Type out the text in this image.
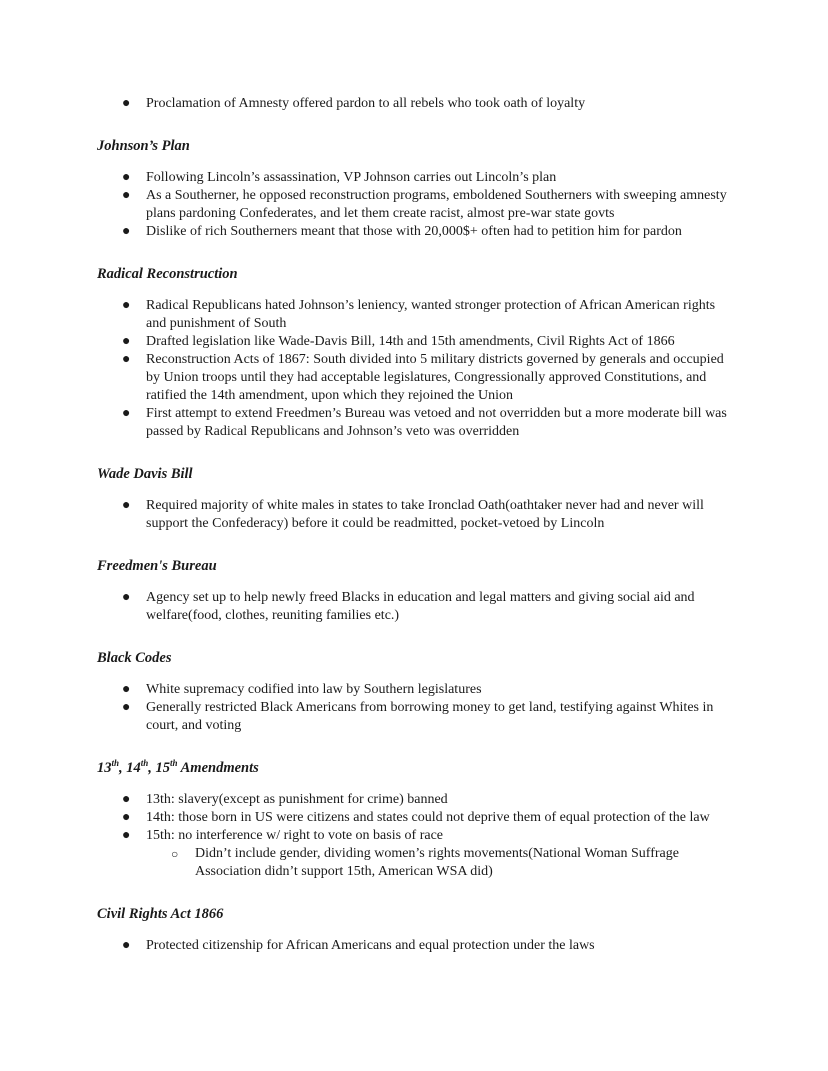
● Proclamation of Amnesty offered pardon to all rebels who took oath of loyalty
Johnson’s Plan
● Following Lincoln’s assassination, VP Johnson carries out Lincoln’s plan
● As a Southerner, he opposed reconstruction programs, emboldened Southerners with sweeping amnesty plans pardoning Confederates, and let them create racist, almost pre-war state govts
● Dislike of rich Southerners meant that those with 20,000$+ often had to petition him for pardon
Radical Reconstruction
● Radical Republicans hated Johnson’s leniency, wanted stronger protection of African American rights and punishment of South
● Drafted legislation like Wade-Davis Bill, 14th and 15th amendments, Civil Rights Act of 1866
● Reconstruction Acts of 1867: South divided into 5 military districts governed by generals and occupied by Union troops until they had acceptable legislatures, Congressionally approved Constitutions, and ratified the 14th amendment, upon which they rejoined the Union
● First attempt to extend Freedmen’s Bureau was vetoed and not overridden but a more moderate bill was passed by Radical Republicans and Johnson’s veto was overridden
Wade Davis Bill
● Required majority of white males in states to take Ironclad Oath(oathtaker never had and never will support the Confederacy) before it could be readmitted, pocket-vetoed by Lincoln
Freedmen's Bureau
● Agency set up to help newly freed Blacks in education and legal matters and giving social aid and welfare(food, clothes, reuniting families etc.)
Black Codes
● White supremacy codified into law by Southern legislatures
● Generally restricted Black Americans from borrowing money to get land, testifying against Whites in court, and voting
13th, 14th, 15th Amendments
● 13th: slavery(except as punishment for crime) banned
● 14th: those born in US were citizens and states could not deprive them of equal protection of the law
● 15th: no interference w/ right to vote on basis of race
○ Didn’t include gender, dividing women’s rights movements(National Woman Suffrage Association didn’t support 15th, American WSA did)
Civil Rights Act 1866
● Protected citizenship for African Americans and equal protection under the laws
